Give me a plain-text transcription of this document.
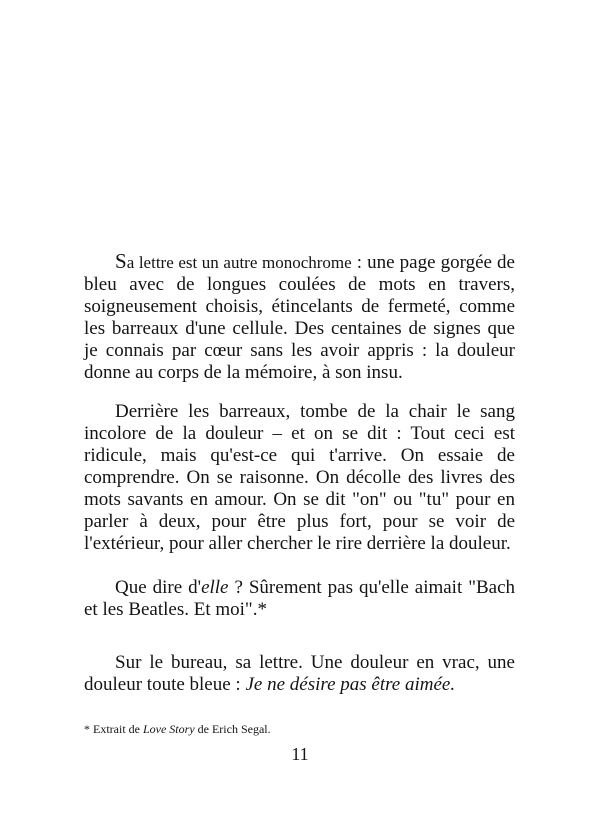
Sa lettre est un autre monochrome : une page gorgée de bleu avec de longues coulées de mots en travers, soigneusement choisis, étincelants de fermeté, comme les barreaux d'une cellule. Des centaines de signes que je connais par cœur sans les avoir appris : la douleur donne au corps de la mémoire, à son insu.

Derrière les barreaux, tombe de la chair le sang incolore de la douleur – et on se dit : Tout ceci est ridicule, mais qu'est-ce qui t'arrive. On essaie de comprendre. On se raisonne. On décolle des livres des mots savants en amour. On se dit "on" ou "tu" pour en parler à deux, pour être plus fort, pour se voir de l'extérieur, pour aller chercher le rire derrière la douleur.

Que dire d'elle ? Sûrement pas qu'elle aimait "Bach et les Beatles. Et moi".*

Sur le bureau, sa lettre. Une douleur en vrac, une douleur toute bleue : Je ne désire pas être aimée.

* Extrait de Love Story de Erich Segal.

11
